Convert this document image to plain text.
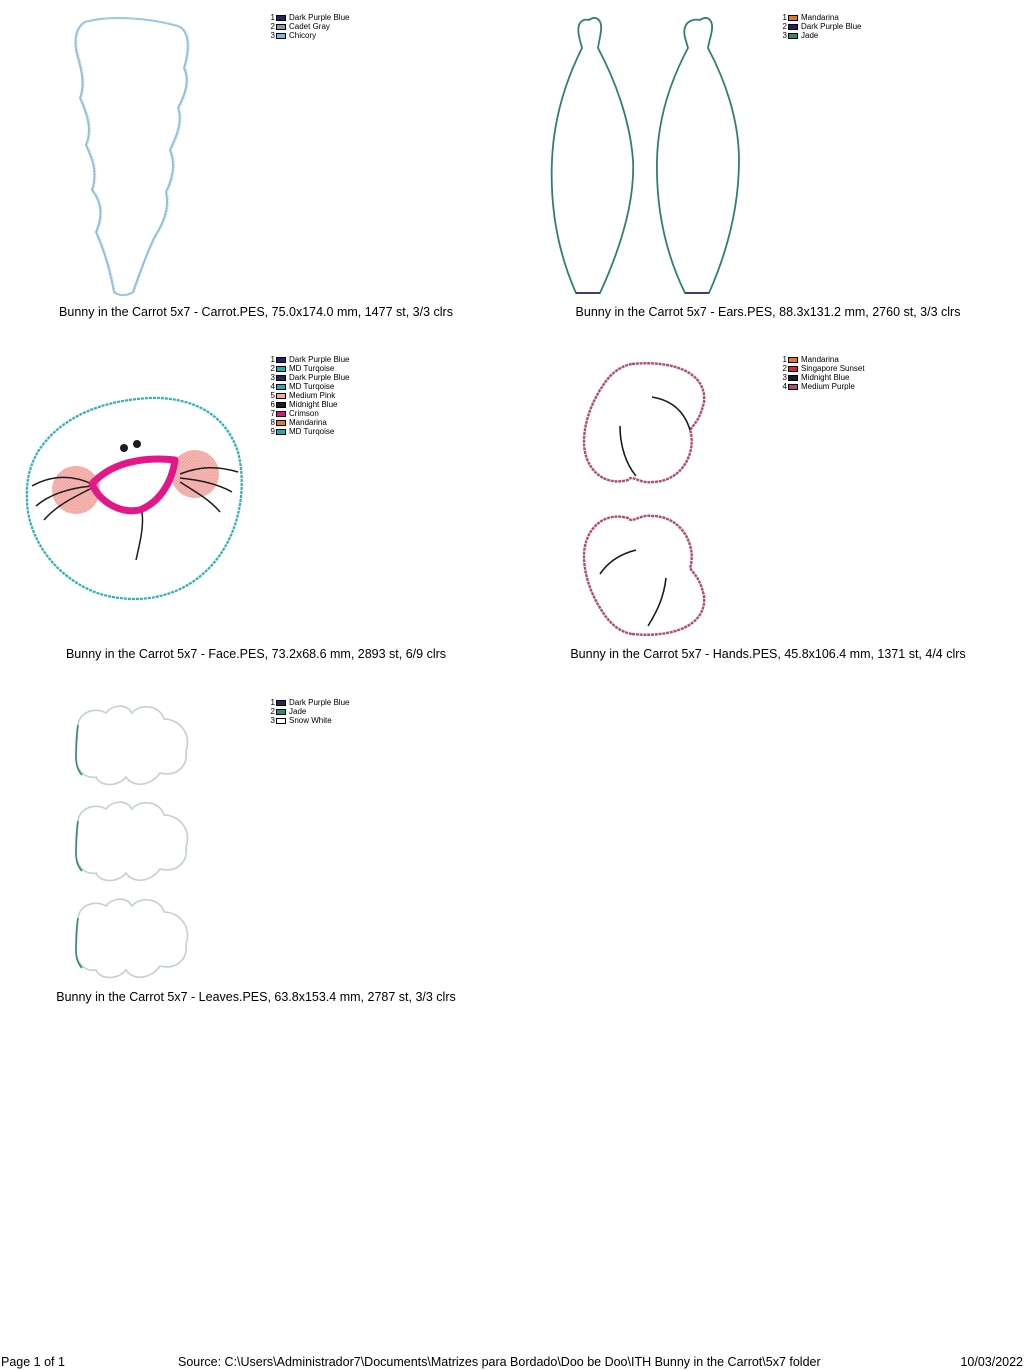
1 Dark Purple Blue
2 Cadet Gray
3 Chicory
Bunny in the Carrot 5x7 - Carrot.PES, 75.0x174.0 mm, 1477 st, 3/3 clrs
1 Mandarina
2 Dark Purple Blue
3 Jade
Bunny in the Carrot 5x7 - Ears.PES, 88.3x131.2 mm, 2760 st, 3/3 clrs
1 Dark Purple Blue
2 MD Turqoise
3 Dark Purple Blue
4 MD Turqoise
5 Medium Pink
6 Midnight Blue
7 Crimson
8 Mandarina
9 MD Turqoise
Bunny in the Carrot 5x7 - Face.PES, 73.2x68.6 mm, 2893 st, 6/9 clrs
1 Mandarina
2 Singapore Sunset
3 Midnight Blue
4 Medium Purple
Bunny in the Carrot 5x7 - Hands.PES, 45.8x106.4 mm, 1371 st, 4/4 clrs
1 Dark Purple Blue
2 Jade
3 Snow White
Bunny in the Carrot 5x7 - Leaves.PES, 63.8x153.4 mm, 2787 st, 3/3 clrs
Page 1 of 1	Source: C:\Users\Administrador7\Documents\Matrizes para Bordado\Doo be Doo\ITH Bunny in the Carrot\5x7 folder	10/03/2022
